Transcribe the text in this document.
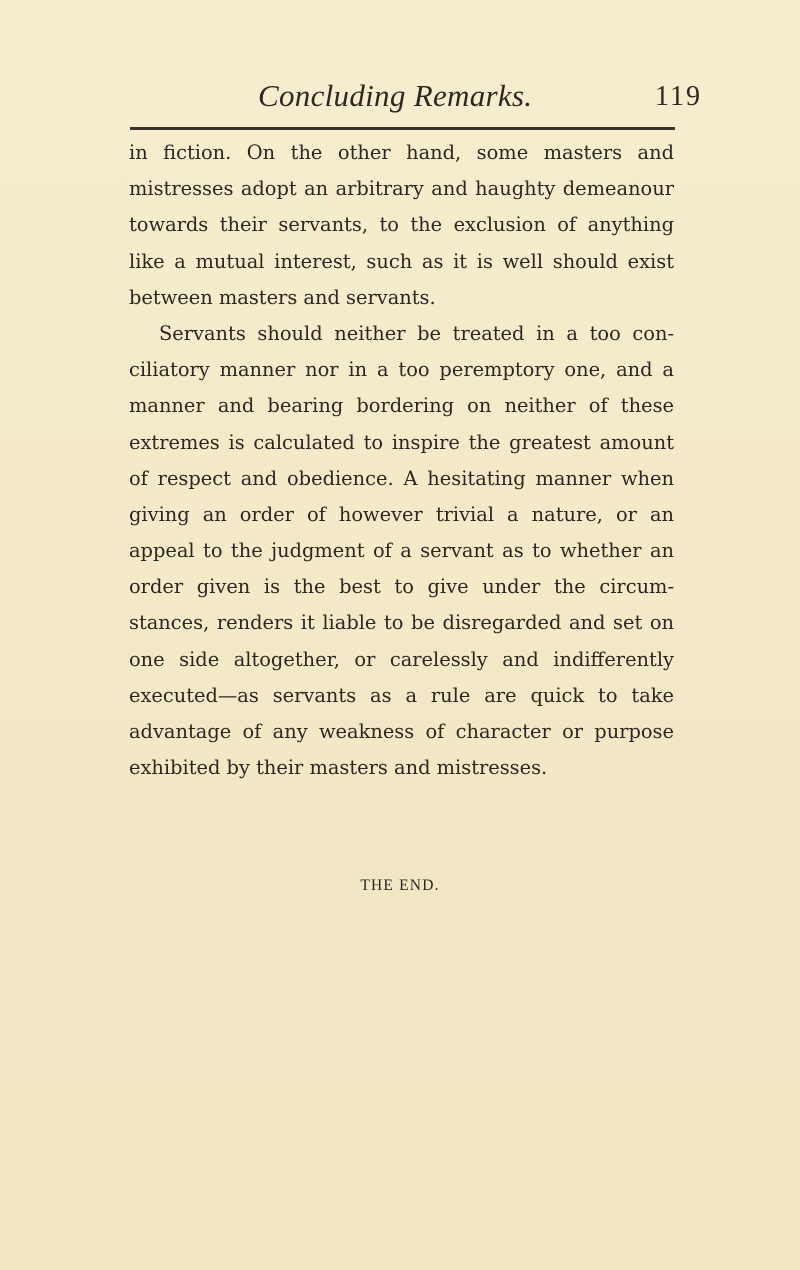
Concluding Remarks.	119
in fiction. On the other hand, some masters and
mistresses adopt an arbitrary and haughty demeanour
towards their servants, to the exclusion of anything
like a mutual interest, such as it is well should exist
between masters and servants.
Servants should neither be treated in a too con-
ciliatory manner nor in a too peremptory one, and a
manner and bearing bordering on neither of these
extremes is calculated to inspire the greatest amount
of respect and obedience. A hesitating manner when
giving an order of however trivial a nature, or an
appeal to the judgment of a servant as to whether an
order given is the best to give under the circum-
stances, renders it liable to be disregarded and set on
one side altogether, or carelessly and indifferently
executed—as servants as a rule are quick to take
advantage of any weakness of character or purpose
exhibited by their masters and mistresses.
THE END.
